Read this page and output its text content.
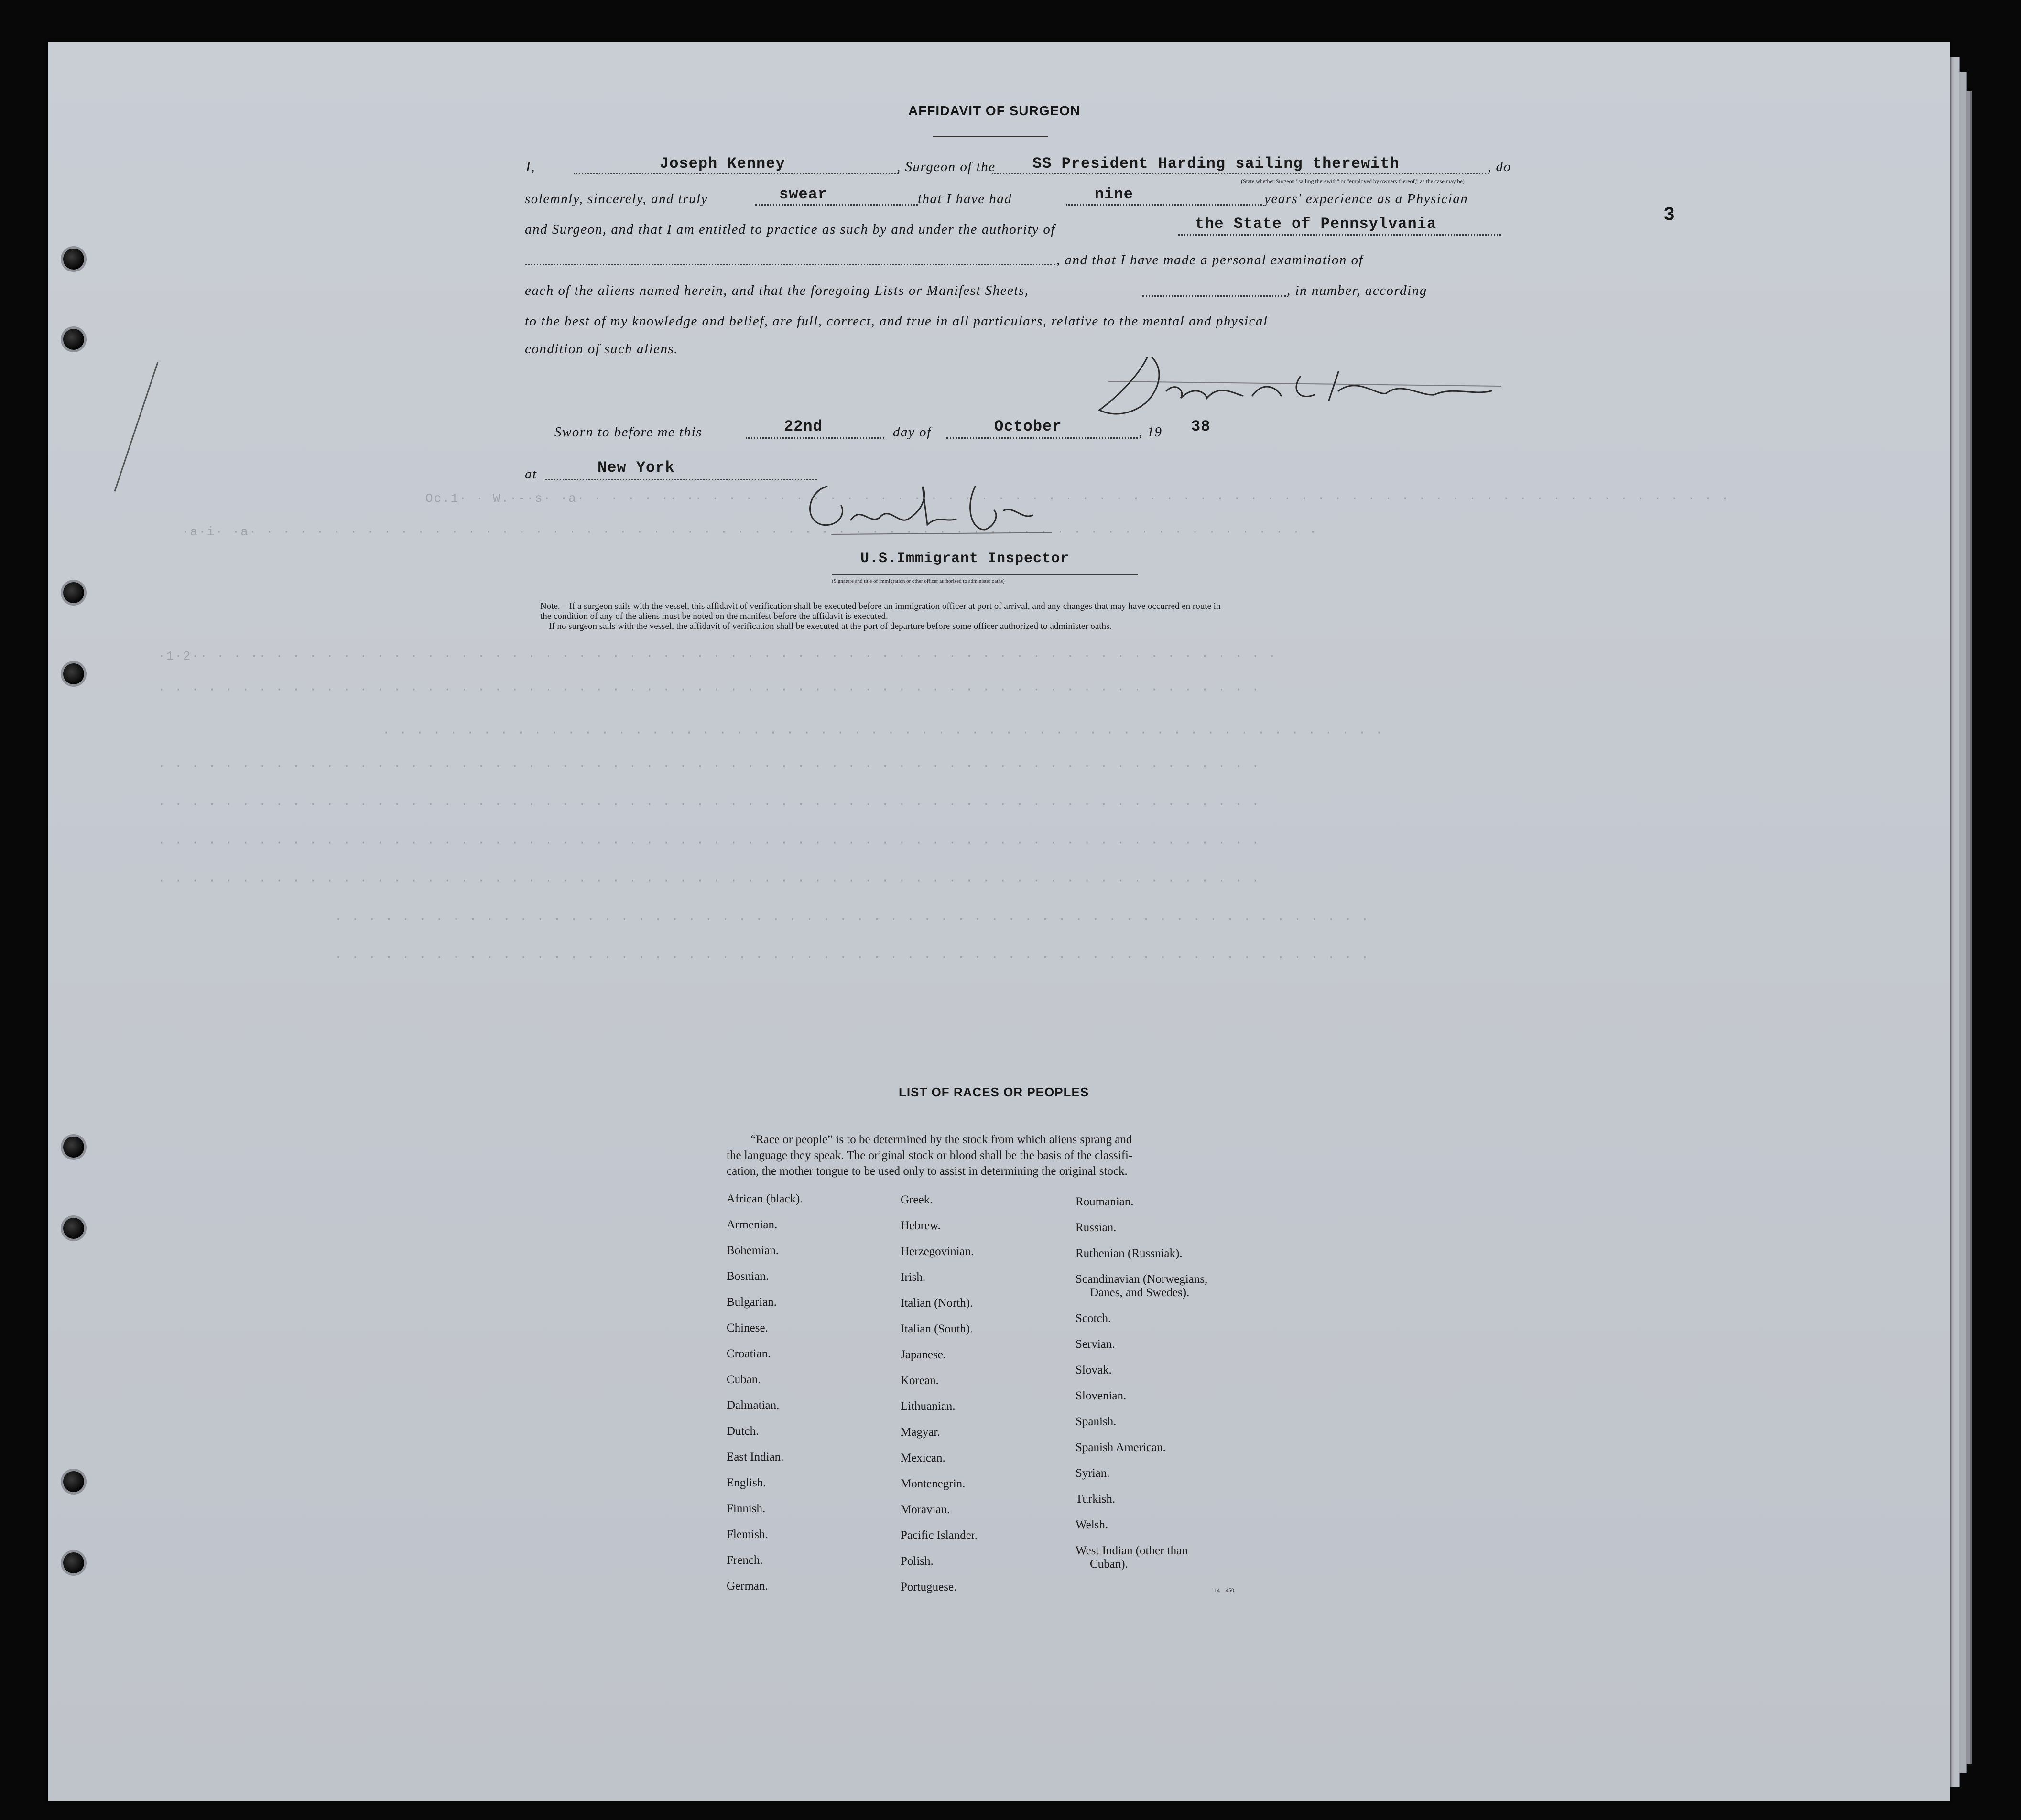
Oc.1· · W.·-·s· ·a· · · · · ·· ·· · · · · · · · · · · · · · · · · · · · · · · · · · · · · · · · · · · · · · · · · · · · · · · · · · · · · · · · · · · · · ·
·a·i· ·a· · · · · · · · · · · · · · · · · · · · · · · · · · · · · · · · · · · · · · · · · · · · · · · · · · · · · · · · · · · · · · · ·
·1·2·· · · ·· · · · · · · · · · · · · · · · · · · · · · · · · · · · · · · · · · · · · · · · · · · · · · · · · · · · · · · · · · · · ·
· · · · · · · · · · · · · · · · · · · · · · · · · · · · · · · · · · · · · · · · · · · · · · · · · · · · · · · · · · · · · · · · · ·
· · · · · · · · · · · · · · · · · · · · · · · · · · · · · · · · · · · · · · · · · · · · · · · · · · · · · · · · · · · ·
· · · · · · · · · · · · · · · · · · · · · · · · · · · · · · · · · · · · · · · · · · · · · · · · · · · · · · · · · · · · · · · · · ·
· · · · · · · · · · · · · · · · · · · · · · · · · · · · · · · · · · · · · · · · · · · · · · · · · · · · · · · · · · · · · · · · · ·
· · · · · · · · · · · · · · · · · · · · · · · · · · · · · · · · · · · · · · · · · · · · · · · · · · · · · · · · · · · · · · · · · ·
· · · · · · · · · · · · · · · · · · · · · · · · · · · · · · · · · · · · · · · · · · · · · · · · · · · · · · · · · · · · · · · · · ·
· · · · · · · · · · · · · · · · · · · · · · · · · · · · · · · · · · · · · · · · · · · · · · · · · · · · · · · · · · · · · ·
· · · · · · · · · · · · · · · · · · · · · · · · · · · · · · · · · · · · · · · · · · · · · · · · · · · · · · · · · · · · · ·
3
AFFIDAVIT OF SURGEON
I,	Joseph Kenney	, Surgeon of the SS President Harding sailing therewith	, do
(State whether Surgeon "sailing therewith" or "employed by owners thereof," as the case may be)
solemnly, sincerely, and truly	swear	that I have had	nine	years' experience as a Physician
and Surgeon, and that I am entitled to practice as such by and under the authority of	the State of Pennsylvania
, and that I have made a personal examination of
each of the aliens named herein, and that the foregoing Lists or Manifest Sheets,	, in number, according
to the best of my knowledge and belief, are full, correct, and true in all particulars, relative to the mental and physical
condition of such aliens.
Sworn to before me this	22nd	day of	October	, 19 38
at	New York
U.S.Immigrant Inspector
(Signature and title of immigration or other officer authorized to administer oaths)
Note.—If a surgeon sails with the vessel, this affidavit of verification shall be executed before an immigration officer at port of arrival, and any changes that may have occurred en route in
the condition of any of the aliens must be noted on the manifest before the affidavit is executed.
If no surgeon sails with the vessel, the affidavit of verification shall be executed at the port of departure before some officer authorized to administer oaths.
LIST OF RACES OR PEOPLES
“Race or people” is to be determined by the stock from which aliens sprang and
the language they speak. The original stock or blood shall be the basis of the classifi-
cation, the mother tongue to be used only to assist in determining the original stock.
African (black).
Armenian.
Bohemian.
Bosnian.
Bulgarian.
Chinese.
Croatian.
Cuban.
Dalmatian.
Dutch.
East Indian.
English.
Finnish.
Flemish.
French.
German.
Greek.
Hebrew.
Herzegovinian.
Irish.
Italian (North).
Italian (South).
Japanese.
Korean.
Lithuanian.
Magyar.
Mexican.
Montenegrin.
Moravian.
Pacific Islander.
Polish.
Portuguese.
Roumanian.
Russian.
Ruthenian (Russniak).
Scandinavian (Norwegians,
Danes, and Swedes).
Scotch.
Servian.
Slovak.
Slovenian.
Spanish.
Spanish American.
Syrian.
Turkish.
Welsh.
West Indian (other than
Cuban).
14—450
